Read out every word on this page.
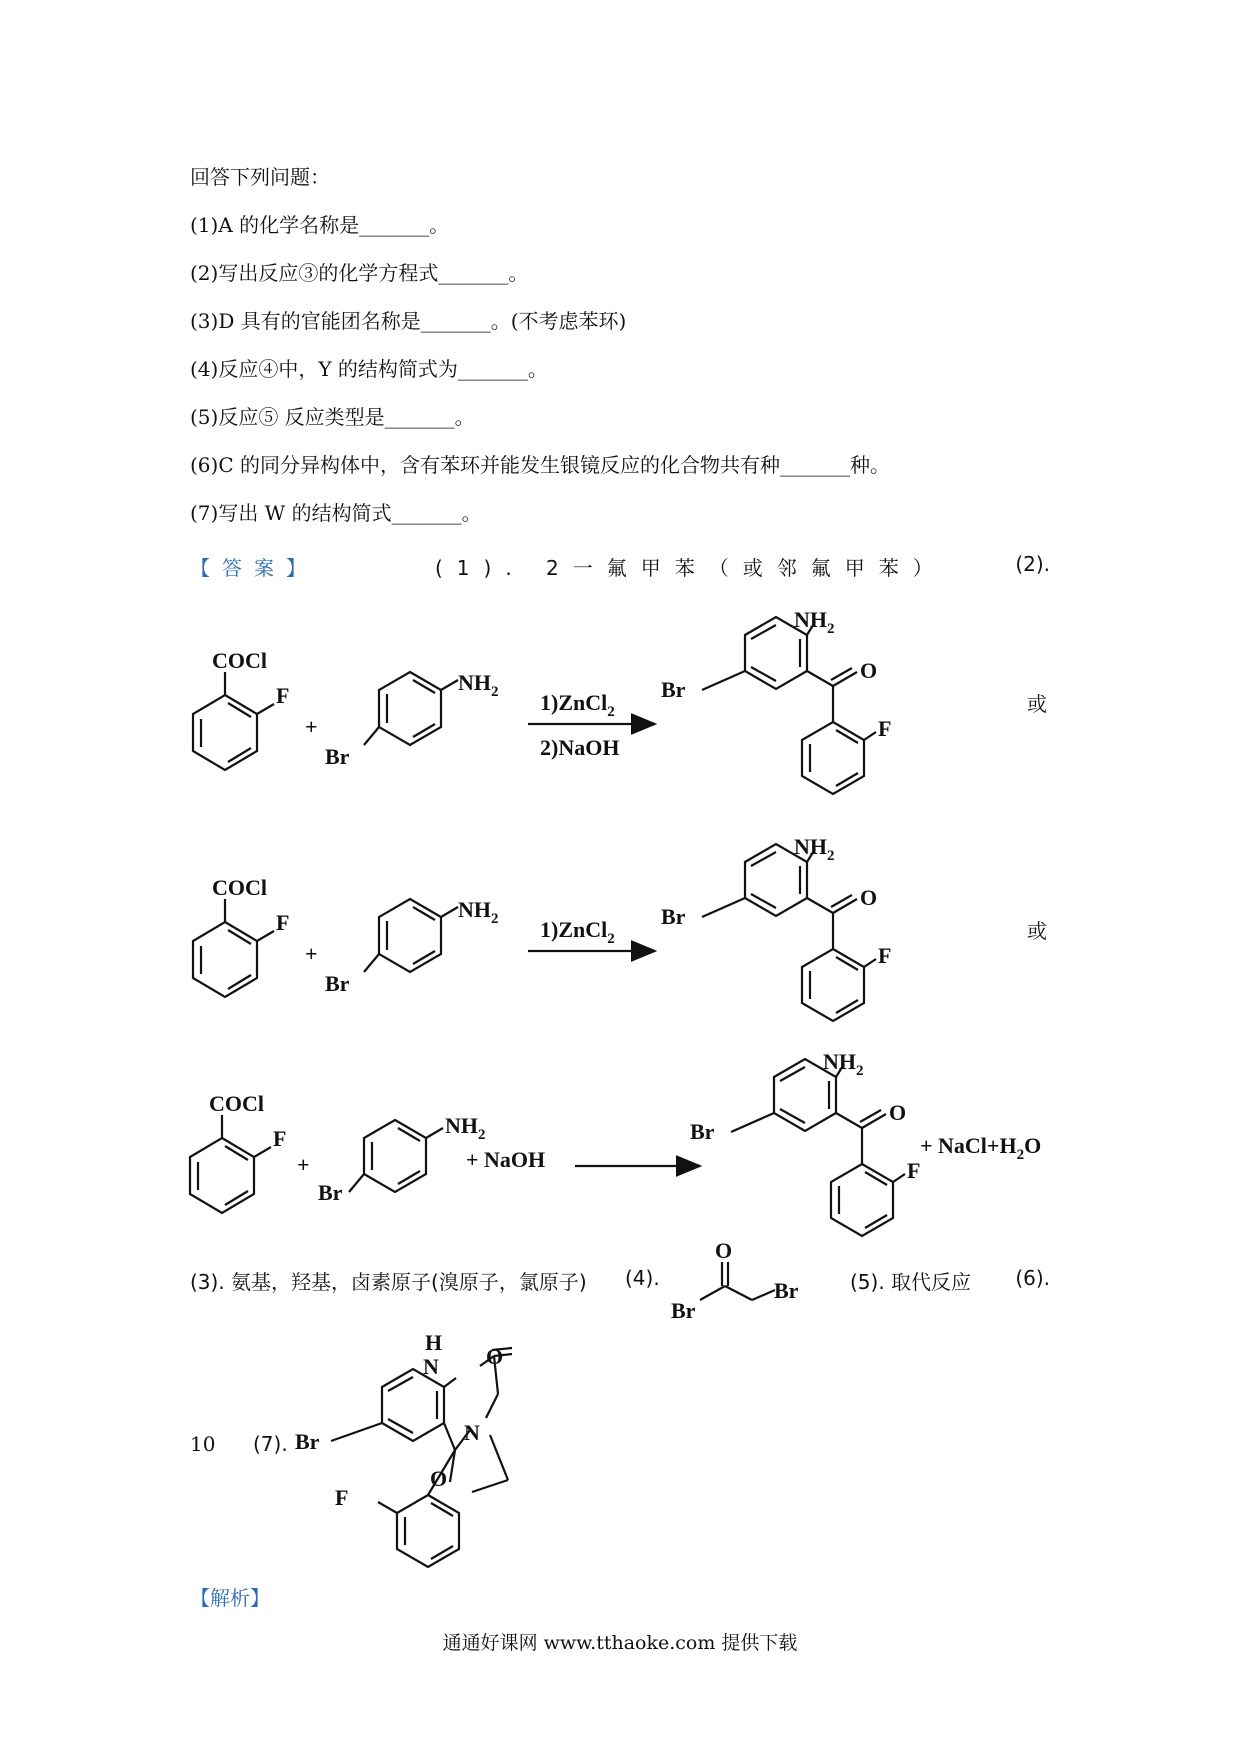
回答下列问题：
(1)A 的化学名称是_______。
(2)写出反应③的化学方程式_______。
(3)D 具有的官能团名称是_______。(不考虑苯环)
(4)反应④中，Y 的结构简式为_______。
(5)反应⑤ 反应类型是_______。
(6)C 的同分异构体中，含有苯环并能发生银镜反应的化合物共有种_______种。
(7)写出 W 的结构简式_______。
【答案】	(1). 2一氟甲苯（或邻氟甲苯）	(2).
COCl
F
+
$NH_2$
Br
1)ZnCl$_2$
2)NaOH
$NH_2$
O
Br
F
COCl
F
+
$NH_2$
Br
1)ZnCl$_2$
$NH_2$
O
Br
F
COCl
F
+
$NH_2$
Br
+ NaOH
$NH_2$
O
Br
F
+ $NaCl+H_2O$
O
Br
Br
H
N O
N
O
Br
F
或
或
(3). 氨基，羟基，卤素原子(溴原子，氯原子) (4).	(5). 取代反应 (6).
10 (7).
【解析】
通通好课网 www.tthaoke.com 提供下载
